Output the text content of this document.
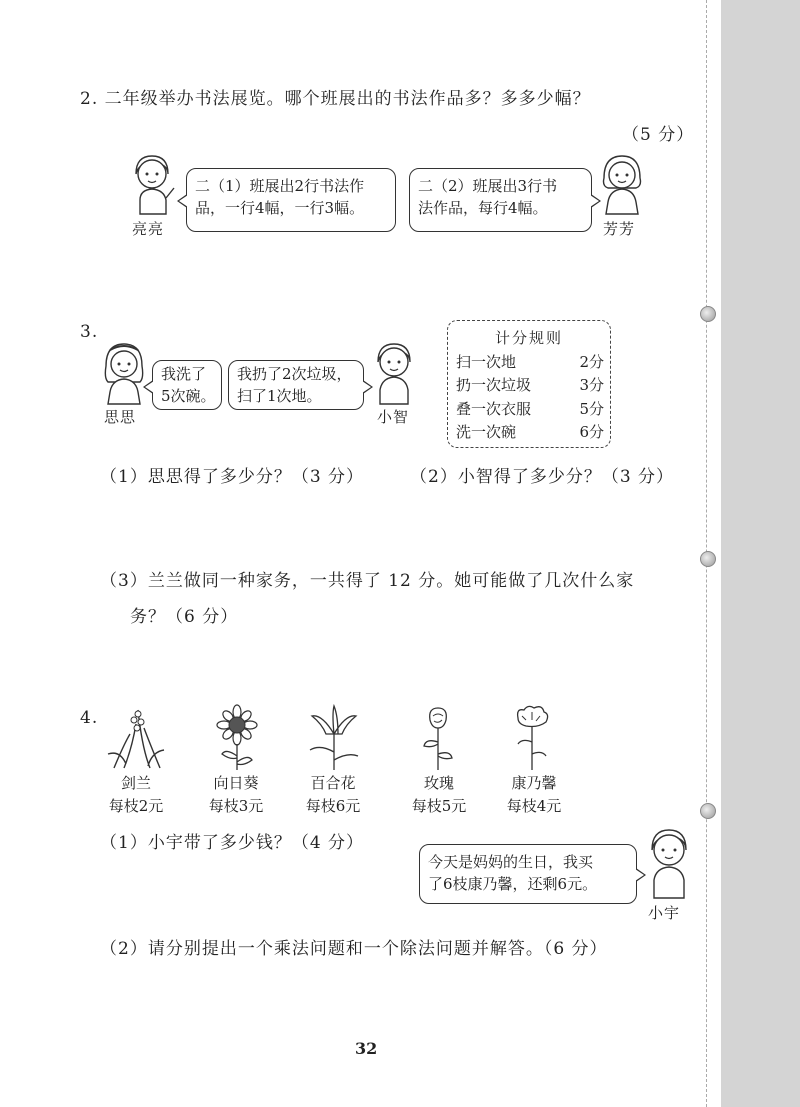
2. 二年级举办书法展览。哪个班展出的书法作品多？多多少幅？
（5 分）
亮亮
二（1）班展出2行书法作
品，一行4幅，一行3幅。
二（2）班展出3行书
法作品，每行4幅。
芳芳
3.
思思
我洗了
5次碗。
我扔了2次垃圾，
扫了1次地。
小智
计分规则
扫一次地	2分
扔一次垃圾	3分
叠一次衣服	5分
洗一次碗	6分
（1）思思得了多少分？（3 分）	（2）小智得了多少分？（3 分）
（3）兰兰做同一种家务，一共得了 12 分。她可能做了几次什么家
务？（6 分）
4.
剑兰
每枝2元
向日葵
每枝3元
百合花
每枝6元
玫瑰
每枝5元
康乃馨
每枝4元
（1）小宇带了多少钱？（4 分）
今天是妈妈的生日，我买
了6枝康乃馨，还剩6元。
小宇
（2）请分别提出一个乘法问题和一个除法问题并解答。（6 分）
32
